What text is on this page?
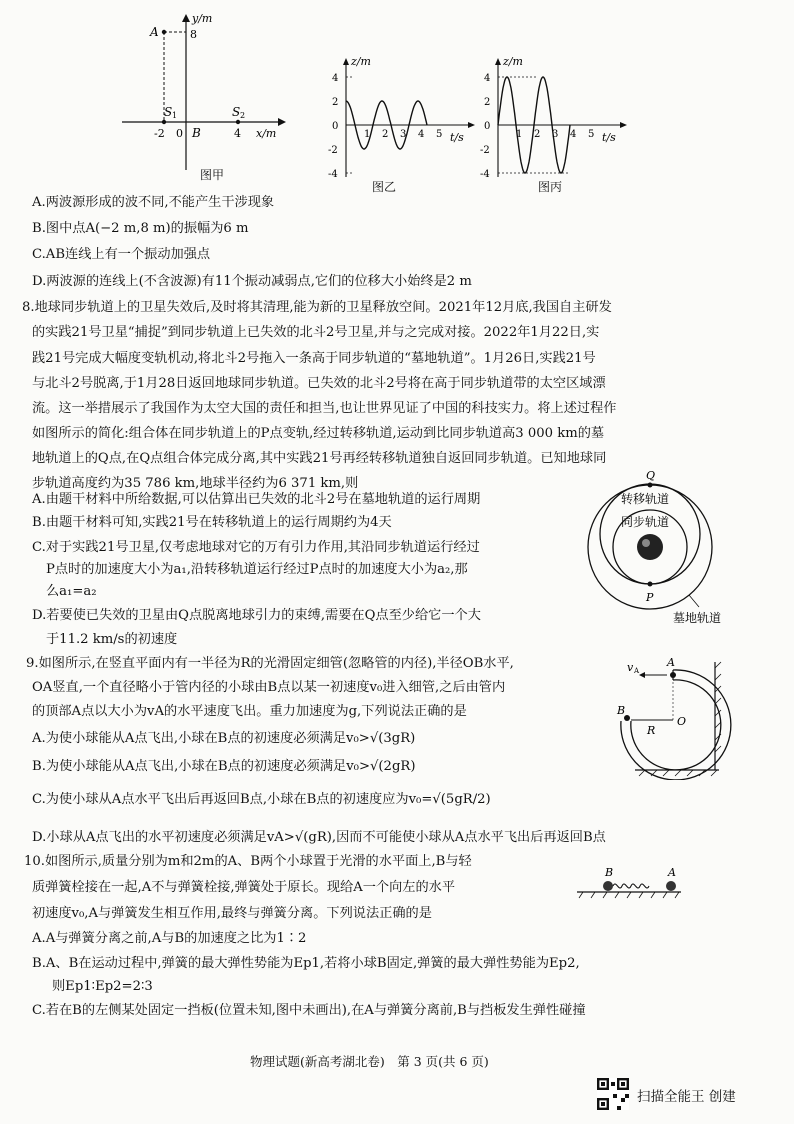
y/m
x/m
A	8
S 1	S 2
-2 0 B	4
图甲
z/m
t/s
4
2
0
-2
-4
1 2 3 4 5
图乙
z/m
t/s
4
2
0
-2
-4
1 2 3 4 5
图丙
Q
P
转移轨道
同步轨道
墓地轨道
v A
A
B
R
O
B	A
A.两波源形成的波不同,不能产生干涉现象
B.图中点A(−2 m,8 m)的振幅为6 m
C.AB连线上有一个振动加强点
D.两波源的连线上(不含波源)有11个振动减弱点,它们的位移大小始终是2 m
8.地球同步轨道上的卫星失效后,及时将其清理,能为新的卫星释放空间。2021年12月底,我国自主研发
的实践21号卫星“捕捉”到同步轨道上已失效的北斗2号卫星,并与之完成对接。2022年1月22日,实
践21号完成大幅度变轨机动,将北斗2号拖入一条高于同步轨道的“墓地轨道”。1月26日,实践21号
与北斗2号脱离,于1月28日返回地球同步轨道。已失效的北斗2号将在高于同步轨道带的太空区域漂
流。这一举措展示了我国作为太空大国的责任和担当,也让世界见证了中国的科技实力。将上述过程作
如图所示的简化:组合体在同步轨道上的P点变轨,经过转移轨道,运动到比同步轨道高3 000 km的墓
地轨道上的Q点,在Q点组合体完成分离,其中实践21号再经转移轨道独自返回同步轨道。已知地球同
步轨道高度约为35 786 km,地球半径约为6 371 km,则
A.由题干材料中所给数据,可以估算出已失效的北斗2号在墓地轨道的运行周期
B.由题干材料可知,实践21号在转移轨道上的运行周期约为4天
C.对于实践21号卫星,仅考虑地球对它的万有引力作用,其沿同步轨道运行经过
P点时的加速度大小为a₁,沿转移轨道运行经过P点时的加速度大小为a₂,那
么a₁=a₂
D.若要使已失效的卫星由Q点脱离地球引力的束缚,需要在Q点至少给它一个大
于11.2 km/s的初速度
9.如图所示,在竖直平面内有一半径为R的光滑固定细管(忽略管的内径),半径OB水平,
OA竖直,一个直径略小于管内径的小球由B点以某一初速度v₀进入细管,之后由管内
的顶部A点以大小为vA的水平速度飞出。重力加速度为g,下列说法正确的是
A.为使小球能从A点飞出,小球在B点的初速度必须满足v₀>√(3gR)
B.为使小球能从A点飞出,小球在B点的初速度必须满足v₀>√(2gR)
C.为使小球从A点水平飞出后再返回B点,小球在B点的初速度应为v₀=√(5gR/2)
D.小球从A点飞出的水平初速度必须满足vA>√(gR),因而不可能使小球从A点水平飞出后再返回B点
10.如图所示,质量分别为m和2m的A、B两个小球置于光滑的水平面上,B与轻
质弹簧栓接在一起,A不与弹簧栓接,弹簧处于原长。现给A一个向左的水平
初速度v₀,A与弹簧发生相互作用,最终与弹簧分离。下列说法正确的是
A.A与弹簧分离之前,A与B的加速度之比为1∶2
B.A、B在运动过程中,弹簧的最大弹性势能为Ep1,若将小球B固定,弹簧的最大弹性势能为Ep2,
则Ep1∶Ep2=2∶3
C.若在B的左侧某处固定一挡板(位置未知,图中未画出),在A与弹簧分离前,B与挡板发生弹性碰撞
物理试题(新高考湖北卷)　第 3 页(共 6 页)
扫描全能王 创建
